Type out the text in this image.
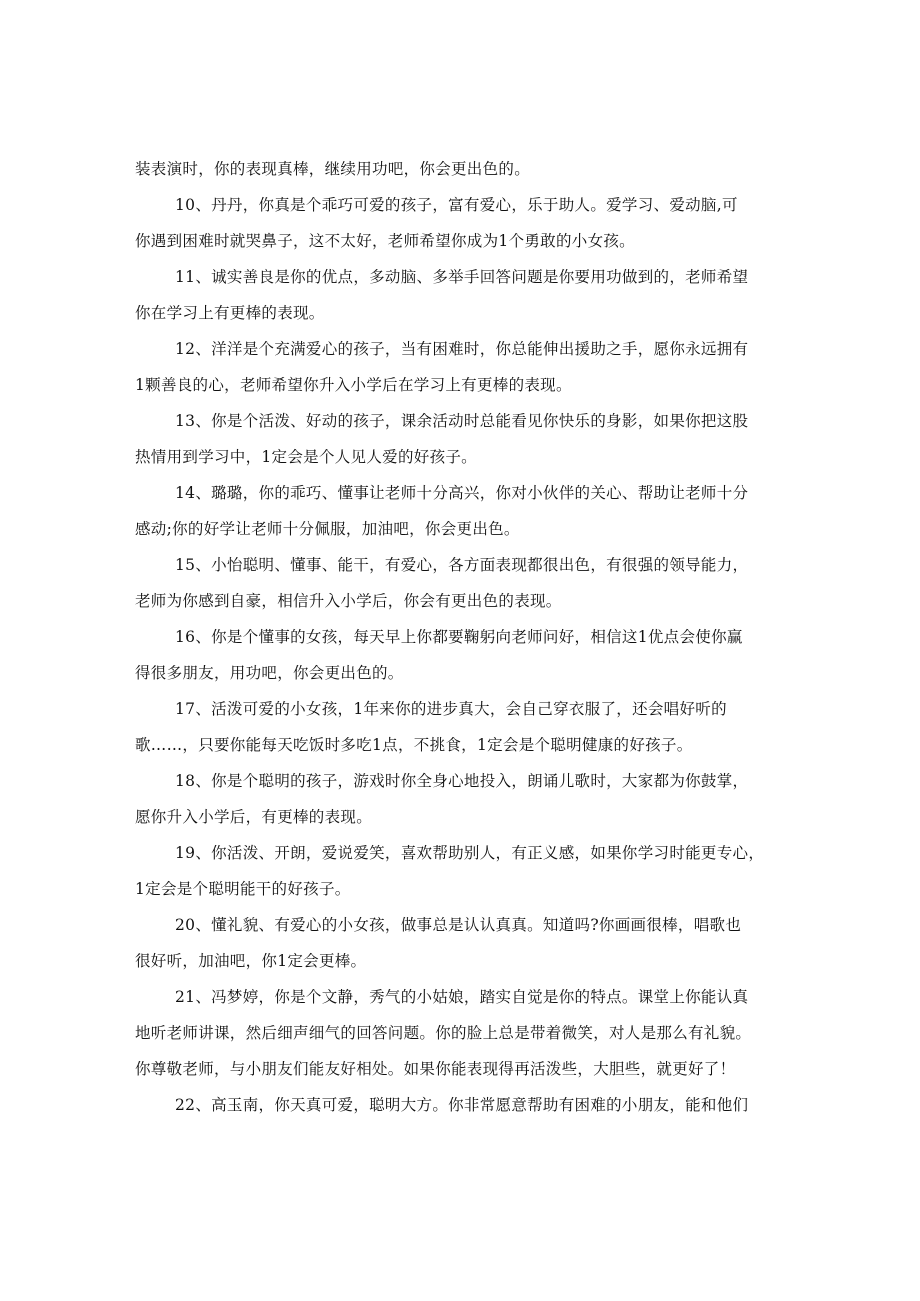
装表演时，你的表现真棒，继续用功吧，你会更出色的。
10、丹丹，你真是个乖巧可爱的孩子，富有爱心，乐于助人。爱学习、爱动脑,可
你遇到困难时就哭鼻子，这不太好，老师希望你成为1个勇敢的小女孩。
11、诚实善良是你的优点，多动脑、多举手回答问题是你要用功做到的，老师希望
你在学习上有更棒的表现。
12、洋洋是个充满爱心的孩子，当有困难时，你总能伸出援助之手，愿你永远拥有
1颗善良的心，老师希望你升入小学后在学习上有更棒的表现。
13、你是个活泼、好动的孩子，课余活动时总能看见你快乐的身影，如果你把这股
热情用到学习中，1定会是个人见人爱的好孩子。
14、璐璐，你的乖巧、懂事让老师十分高兴，你对小伙伴的关心、帮助让老师十分
感动;你的好学让老师十分佩服，加油吧，你会更出色。
15、小怡聪明、懂事、能干，有爱心，各方面表现都很出色，有很强的领导能力，
老师为你感到自豪，相信升入小学后，你会有更出色的表现。
16、你是个懂事的女孩，每天早上你都要鞠躬向老师问好，相信这1优点会使你赢
得很多朋友，用功吧，你会更出色的。
17、活泼可爱的小女孩，1年来你的进步真大，会自己穿衣服了，还会唱好听的
歌……，只要你能每天吃饭时多吃1点，不挑食，1定会是个聪明健康的好孩子。
18、你是个聪明的孩子，游戏时你全身心地投入，朗诵儿歌时，大家都为你鼓掌，
愿你升入小学后，有更棒的表现。
19、你活泼、开朗，爱说爱笑，喜欢帮助别人，有正义感，如果你学习时能更专心，
1定会是个聪明能干的好孩子。
20、懂礼貌、有爱心的小女孩，做事总是认认真真。知道吗?你画画很棒，唱歌也
很好听，加油吧，你1定会更棒。
21、冯梦婷，你是个文静，秀气的小姑娘，踏实自觉是你的特点。课堂上你能认真
地听老师讲课，然后细声细气的回答问题。你的脸上总是带着微笑，对人是那么有礼貌。
你尊敬老师，与小朋友们能友好相处。如果你能表现得再活泼些，大胆些，就更好了！
22、高玉南，你天真可爱，聪明大方。你非常愿意帮助有困难的小朋友，能和他们
